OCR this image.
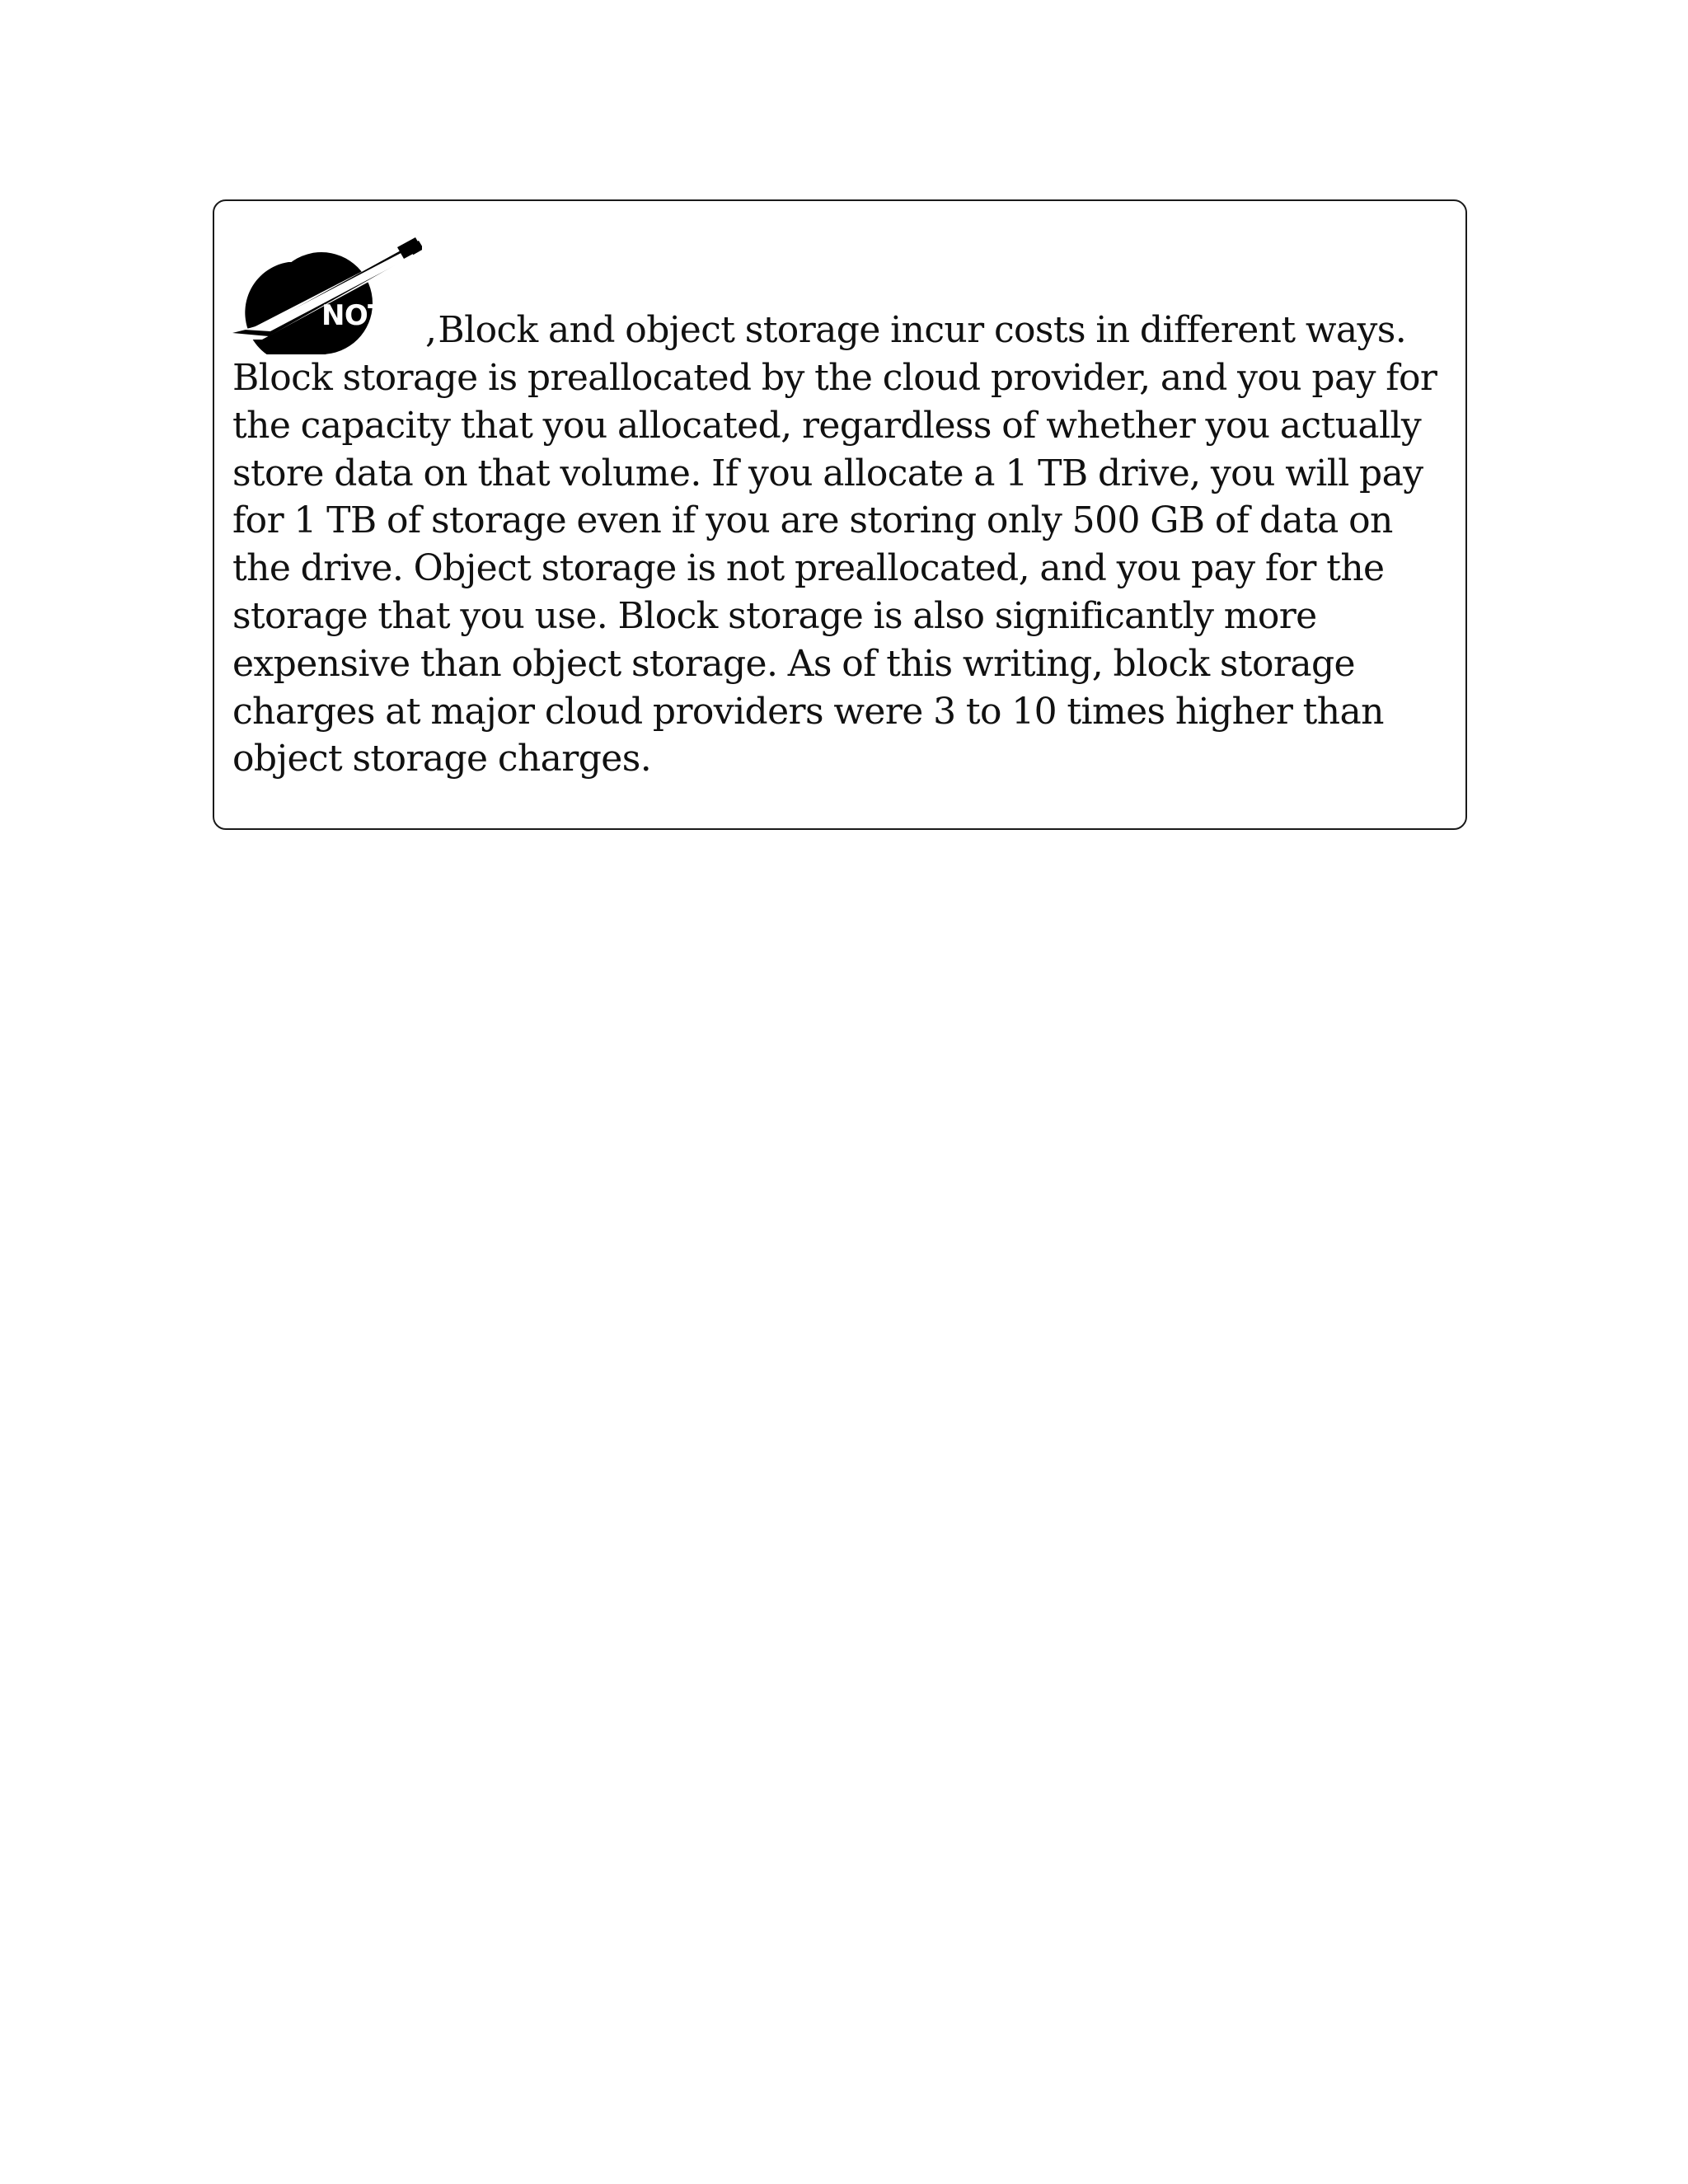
NOTE ,Block and object storage incur costs in different ways. Block storage is preallocated by the cloud provider, and you pay for the capacity that you allocated, regardless of whether you actually store data on that volume. If you allocate a 1 TB drive, you will pay for 1 TB of storage even if you are storing only 500 GB of data on the drive. Object storage is not preallocated, and you pay for the storage that you use. Block storage is also significantly more expensive than object storage. As of this writing, block storage charges at major cloud providers were 3 to 10 times higher than object storage charges.
